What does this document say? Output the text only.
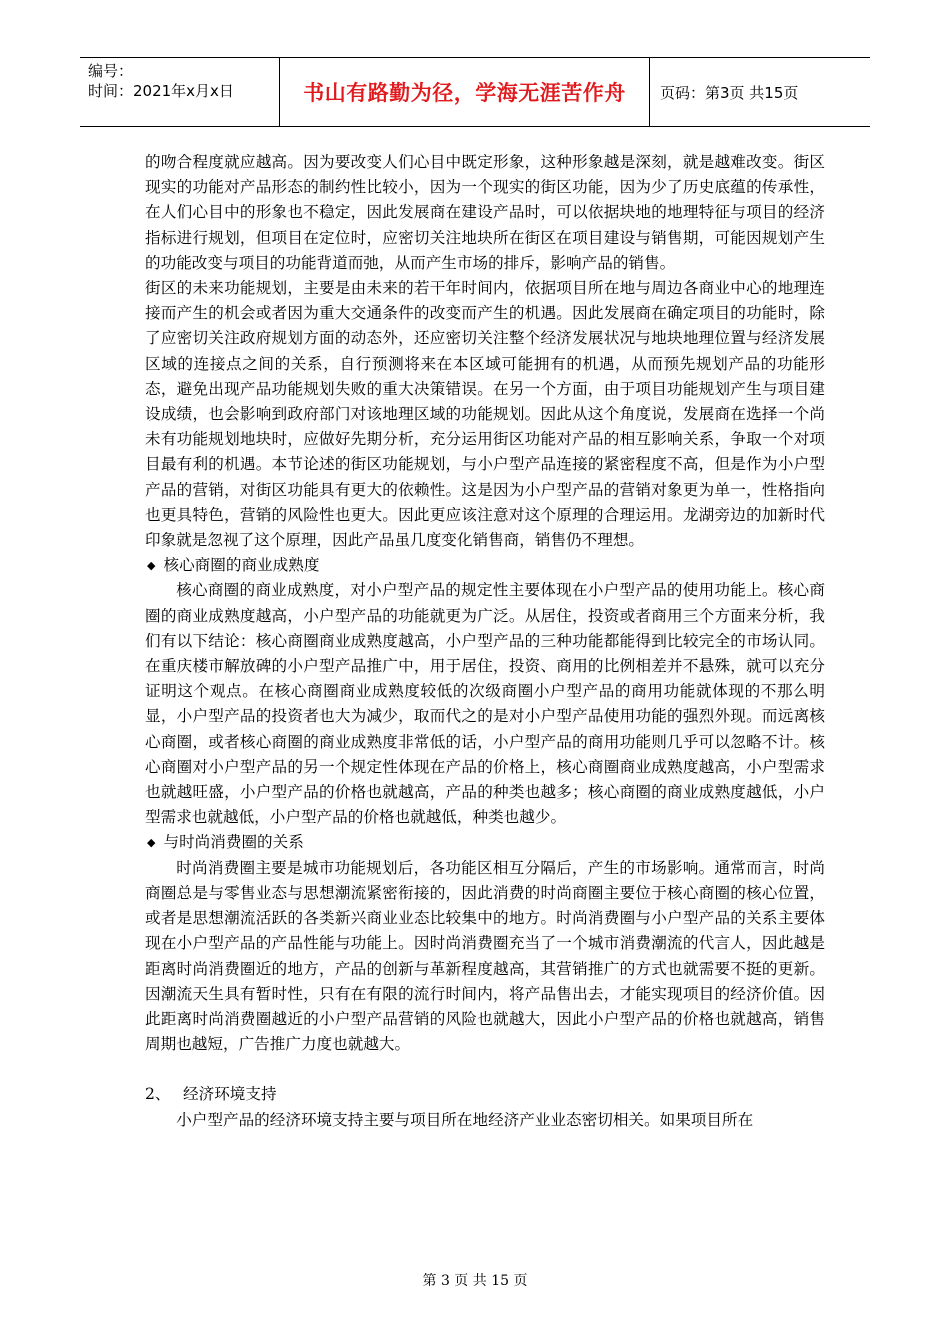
编号：
时间：2021年x月x日	书山有路勤为径，学海无涯苦作舟 页码：第3页 共15页

的吻合程度就应越高。因为要改变人们心目中既定形象，这种形象越是深刻，就是越难改变。街区现实的功能对产品形态的制约性比较小，因为一个现实的街区功能，因为少了历史底蕴的传承性，在人们心目中的形象也不稳定，因此发展商在建设产品时，可以依据块地的地理特征与项目的经济指标进行规划，但项目在定位时，应密切关注地块所在街区在项目建设与销售期，可能因规划产生的功能改变与项目的功能背道而弛，从而产生市场的排斥，影响产品的销售。

街区的未来功能规划，主要是由未来的若干年时间内，依据项目所在地与周边各商业中心的地理连接而产生的机会或者因为重大交通条件的改变而产生的机遇。因此发展商在确定项目的功能时，除了应密切关注政府规划方面的动态外，还应密切关注整个经济发展状况与地块地理位置与经济发展区域的连接点之间的关系，自行预测将来在本区域可能拥有的机遇，从而预先规划产品的功能形态，避免出现产品功能规划失败的重大决策错误。在另一个方面，由于项目功能规划产生与项目建设成绩，也会影响到政府部门对该地理区域的功能规划。因此从这个角度说，发展商在选择一个尚未有功能规划地块时，应做好先期分析，充分运用街区功能对产品的相互影响关系，争取一个对项目最有利的机遇。本节论述的街区功能规划，与小户型产品连接的紧密程度不高，但是作为小户型产品的营销，对街区功能具有更大的依赖性。这是因为小户型产品的营销对象更为单一，性格指向也更具特色，营销的风险性也更大。因此更应该注意对这个原理的合理运用。龙湖旁边的加新时代印象就是忽视了这个原理，因此产品虽几度变化销售商，销售仍不理想。

◆ 核心商圈的商业成熟度

核心商圈的商业成熟度，对小户型产品的规定性主要体现在小户型产品的使用功能上。核心商圈的商业成熟度越高，小户型产品的功能就更为广泛。从居住，投资或者商用三个方面来分析，我们有以下结论：核心商圈商业成熟度越高，小户型产品的三种功能都能得到比较完全的市场认同。在重庆楼市解放碑的小户型产品推广中，用于居住，投资、商用的比例相差并不悬殊，就可以充分证明这个观点。在核心商圈商业成熟度较低的次级商圈小户型产品的商用功能就体现的不那么明显，小户型产品的投资者也大为减少，取而代之的是对小户型产品使用功能的强烈外现。而远离核心商圈，或者核心商圈的商业成熟度非常低的话，小户型产品的商用功能则几乎可以忽略不计。核心商圈对小户型产品的另一个规定性体现在产品的价格上，核心商圈商业成熟度越高，小户型需求也就越旺盛，小户型产品的价格也就越高，产品的种类也越多；核心商圈的商业成熟度越低，小户型需求也就越低，小户型产品的价格也就越低，种类也越少。

◆ 与时尚消费圈的关系

时尚消费圈主要是城市功能规划后，各功能区相互分隔后，产生的市场影响。通常而言，时尚商圈总是与零售业态与思想潮流紧密衔接的，因此消费的时尚商圈主要位于核心商圈的核心位置，或者是思想潮流活跃的各类新兴商业业态比较集中的地方。时尚消费圈与小户型产品的关系主要体现在小户型产品的产品性能与功能上。因时尚消费圈充当了一个城市消费潮流的代言人，因此越是距离时尚消费圈近的地方，产品的创新与革新程度越高，其营销推广的方式也就需要不挺的更新。因潮流天生具有暂时性，只有在有限的流行时间内，将产品售出去，才能实现项目的经济价值。因此距离时尚消费圈越近的小户型产品营销的风险也就越大，因此小户型产品的价格也就越高，销售周期也越短，广告推广力度也就越大。

2、 经济环境支持

小户型产品的经济环境支持主要与项目所在地经济产业业态密切相关。如果项目所在

第 3 页 共 15 页
